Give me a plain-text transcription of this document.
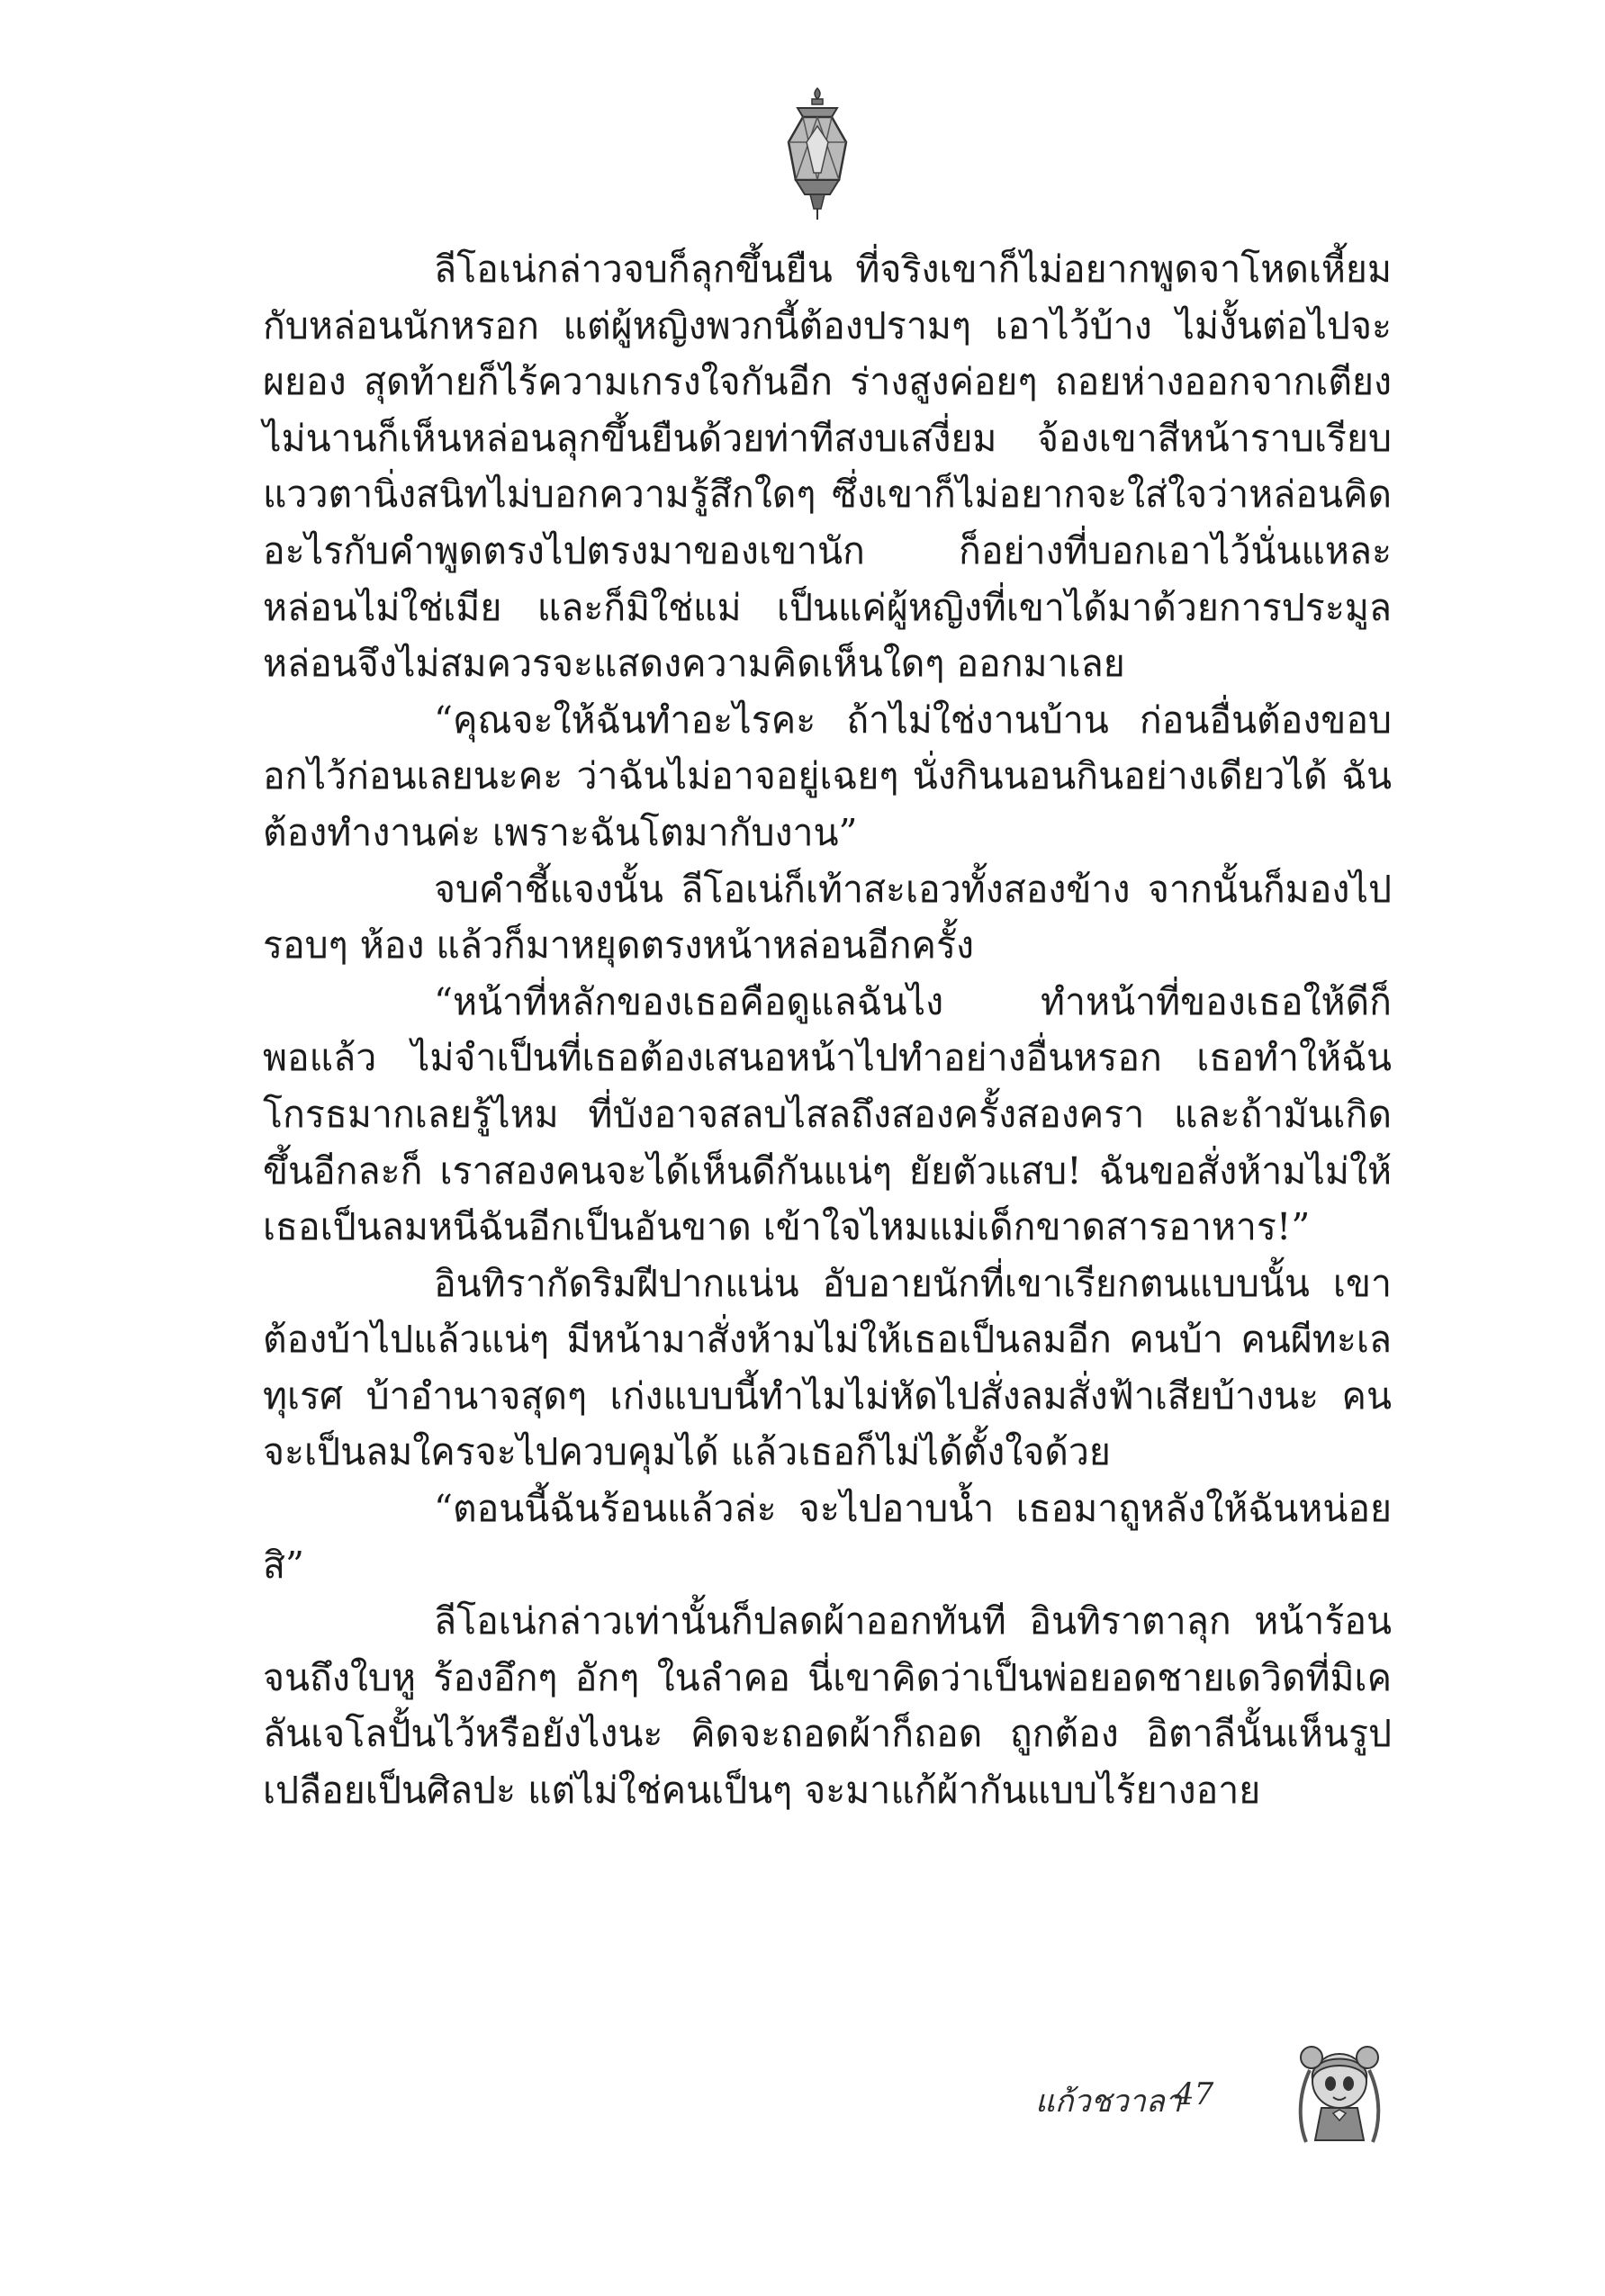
ลีโอเน่กล่าวจบก็ลุกขึ้นยืน ที่จริงเขาก็ไม่อยากพูดจาโหดเหี้ยมกับหล่อนนักหรอก แต่ผู้หญิงพวกนี้ต้องปรามๆ เอาไว้บ้าง ไม่งั้นต่อไปจะผยอง สุดท้ายก็ไร้ความเกรงใจกันอีก ร่างสูงค่อยๆ ถอยห่างออกจากเตียง ไม่นานก็เห็นหล่อนลุกขึ้นยืนด้วยท่าทีสงบเสงี่ยม จ้องเขาสีหน้าราบเรียบ แววตานิ่งสนิทไม่บอกความรู้สึกใดๆ ซึ่งเขาก็ไม่อยากจะใส่ใจว่าหล่อนคิดอะไรกับคำพูดตรงไปตรงมาของเขานัก ก็อย่างที่บอกเอาไว้นั่นแหละ หล่อนไม่ใช่เมีย และก็มิใช่แม่ เป็นแค่ผู้หญิงที่เขาได้มาด้วยการประมูล หล่อนจึงไม่สมควรจะแสดงความคิดเห็นใดๆ ออกมาเลย

“คุณจะให้ฉันทำอะไรคะ ถ้าไม่ใช่งานบ้าน ก่อนอื่นต้องขอบอกไว้ก่อนเลยนะคะ ว่าฉันไม่อาจอยู่เฉยๆ นั่งกินนอนกินอย่างเดียวได้ ฉันต้องทำงานค่ะ เพราะฉันโตมากับงาน”

จบคำชี้แจงนั้น ลีโอเน่ก็เท้าสะเอวทั้งสองข้าง จากนั้นก็มองไปรอบๆ ห้อง แล้วก็มาหยุดตรงหน้าหล่อนอีกครั้ง

“หน้าที่หลักของเธอคือดูแลฉันไง ทำหน้าที่ของเธอให้ดีก็พอแล้ว ไม่จำเป็นที่เธอต้องเสนอหน้าไปทำอย่างอื่นหรอก เธอทำให้ฉันโกรธมากเลยรู้ไหม ที่บังอาจสลบไสลถึงสองครั้งสองครา และถ้ามันเกิดขึ้นอีกละก็ เราสองคนจะได้เห็นดีกันแน่ๆ ยัยตัวแสบ! ฉันขอสั่งห้ามไม่ให้เธอเป็นลมหนีฉันอีกเป็นอันขาด เข้าใจไหมแม่เด็กขาดสารอาหาร!”

อินทิรากัดริมฝีปากแน่น อับอายนักที่เขาเรียกตนแบบนั้น เขาต้องบ้าไปแล้วแน่ๆ มีหน้ามาสั่งห้ามไม่ให้เธอเป็นลมอีก คนบ้า คนผีทะเลทุเรศ บ้าอำนาจสุดๆ เก่งแบบนี้ทำไมไม่หัดไปสั่งลมสั่งฟ้าเสียบ้างนะ คนจะเป็นลมใครจะไปควบคุมได้ แล้วเธอก็ไม่ได้ตั้งใจด้วย

“ตอนนี้ฉันร้อนแล้วล่ะ จะไปอาบน้ำ เธอมาถูหลังให้ฉันหน่อยสิ”

ลีโอเน่กล่าวเท่านั้นก็ปลดผ้าออกทันที อินทิราตาลุก หน้าร้อนจนถึงใบหู ร้องอึกๆ อักๆ ในลำคอ นี่เขาคิดว่าเป็นพ่อยอดชายเดวิดที่มิเคลันเจโลปั้นไว้หรือยังไงนะ คิดจะถอดผ้าก็ถอด ถูกต้อง อิตาลีนั้นเห็นรูปเปลือยเป็นศิลปะ แต่ไม่ใช่คนเป็นๆ จะมาแก้ผ้ากันแบบไร้ยางอาย

แก้วชวาลา
47
